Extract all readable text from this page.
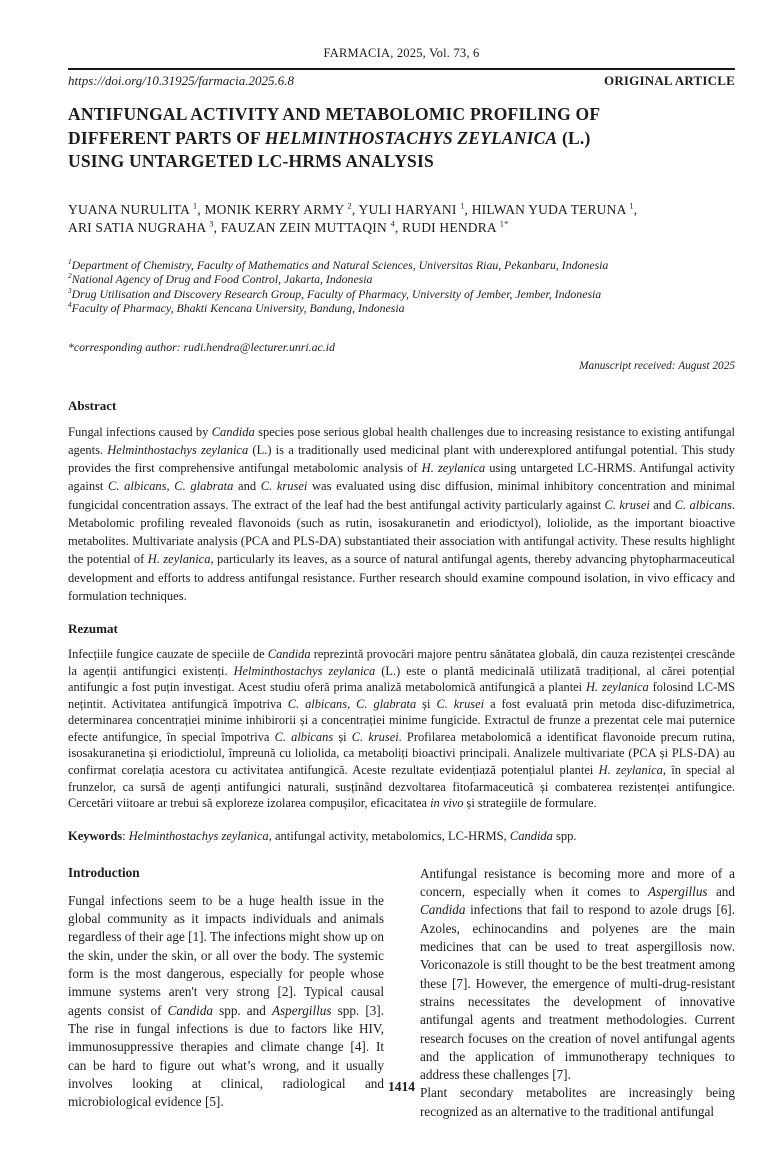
FARMACIA, 2025, Vol. 73, 6
https://doi.org/10.31925/farmacia.2025.6.8	ORIGINAL ARTICLE
ANTIFUNGAL ACTIVITY AND METABOLOMIC PROFILING OF
DIFFERENT PARTS OF HELMINTHOSTACHYS ZEYLANICA (L.)
USING UNTARGETED LC-HRMS ANALYSIS
YUANA NURULITA $^1$, MONIK KERRY ARMY $^2$, YULI HARYANI $^1$, HILWAN YUDA TERUNA $^1$,
ARI SATIA NUGRAHA $^3$, FAUZAN ZEIN MUTTAQIN $^4$, RUDI HENDRA $^{1*}$
$^1$Department of Chemistry, Faculty of Mathematics and Natural Sciences, Universitas Riau, Pekanbaru, Indonesia
$^2$National Agency of Drug and Food Control, Jakarta, Indonesia
$^3$Drug Utilisation and Discovery Research Group, Faculty of Pharmacy, University of Jember, Jember, Indonesia
$^4$Faculty of Pharmacy, Bhakti Kencana University, Bandung, Indonesia
*corresponding author: rudi.hendra@lecturer.unri.ac.id
Manuscript received: August 2025
Abstract

Fungal infections caused by Candida species pose serious global health challenges due to increasing resistance to existing antifungal agents. Helminthostachys zeylanica (L.) is a traditionally used medicinal plant with underexplored antifungal potential. This study provides the first comprehensive antifungal metabolomic analysis of H. zeylanica using untargeted LC-HRMS. Antifungal activity against C. albicans, C. glabrata and C. krusei was evaluated using disc diffusion, minimal inhibitory concentration and minimal fungicidal concentration assays. The extract of the leaf had the best antifungal activity particularly against C. krusei and C. albicans. Metabolomic profiling revealed flavonoids (such as rutin, isosakuranetin and eriodictyol), loliolide, as the important bioactive metabolites. Multivariate analysis (PCA and PLS-DA) substantiated their association with antifungal activity. These results highlight the potential of H. zeylanica, particularly its leaves, as a source of natural antifungal agents, thereby advancing phytopharmaceutical development and efforts to address antifungal resistance. Further research should examine compound isolation, in vivo efficacy and formulation techniques.

Rezumat

Infecțiile fungice cauzate de speciile de Candida reprezintă provocări majore pentru sănătatea globală, din cauza rezistenței crescânde la agenții antifungici existenți. Helminthostachys zeylanica (L.) este o plantă medicinală utilizată tradițional, al cărei potențial antifungic a fost puțin investigat. Acest studiu oferă prima analiză metabolomică antifungică a plantei H. zeylanica folosind LC-MS nețintit. Activitatea antifungică împotriva C. albicans, C. glabrata și C. krusei a fost evaluată prin metoda disc-difuzimetrica, determinarea concentrației minime inhibirorii și a concentrației minime fungicide. Extractul de frunze a prezentat cele mai puternice efecte antifungice, în special împotriva C. albicans și C. krusei. Profilarea metabolomică a identificat flavonoide precum rutina, isosakuranetina și eriodictiolul, împreună cu loliolida, ca metaboliți bioactivi principali. Analizele multivariate (PCA și PLS-DA) au confirmat corelația acestora cu activitatea antifungică. Aceste rezultate evidențiază potențialul plantei H. zeylanica, în special al frunzelor, ca sursă de agenți antifungici naturali, susținând dezvoltarea fitofarmaceutică și combaterea rezistenței antifungice. Cercetări viitoare ar trebui să exploreze izolarea compușilor, eficacitatea in vivo și strategiile de formulare.

Keywords: Helminthostachys zeylanica, antifungal activity, metabolomics, LC-HRMS, Candida spp.

Introduction

Fungal infections seem to be a huge health issue in the global community as it impacts individuals and animals regardless of their age [1]. The infections might show up on the skin, under the skin, or all over the body. The systemic form is the most dangerous, especially for people whose immune systems aren't very strong [2]. Typical causal agents consist of Candida spp. and Aspergillus spp. [3]. The rise in fungal infections is due to factors like HIV, immunosuppressive therapies and climate change [4]. It can be hard to figure out what’s wrong, and it usually involves looking at clinical, radiological and microbiological evidence [5].

Antifungal resistance is becoming more and more of a concern, especially when it comes to Aspergillus and Candida infections that fail to respond to azole drugs [6]. Azoles, echinocandins and polyenes are the main medicines that can be used to treat aspergillosis now. Voriconazole is still thought to be the best treatment among these [7]. However, the emergence of multi-drug-resistant strains necessitates the development of innovative antifungal agents and treatment methodologies. Current research focuses on the creation of novel antifungal agents and the application of immunotherapy techniques to address these challenges [7].

Plant secondary metabolites are increasingly being recognized as an alternative to the traditional antifungal

1414
